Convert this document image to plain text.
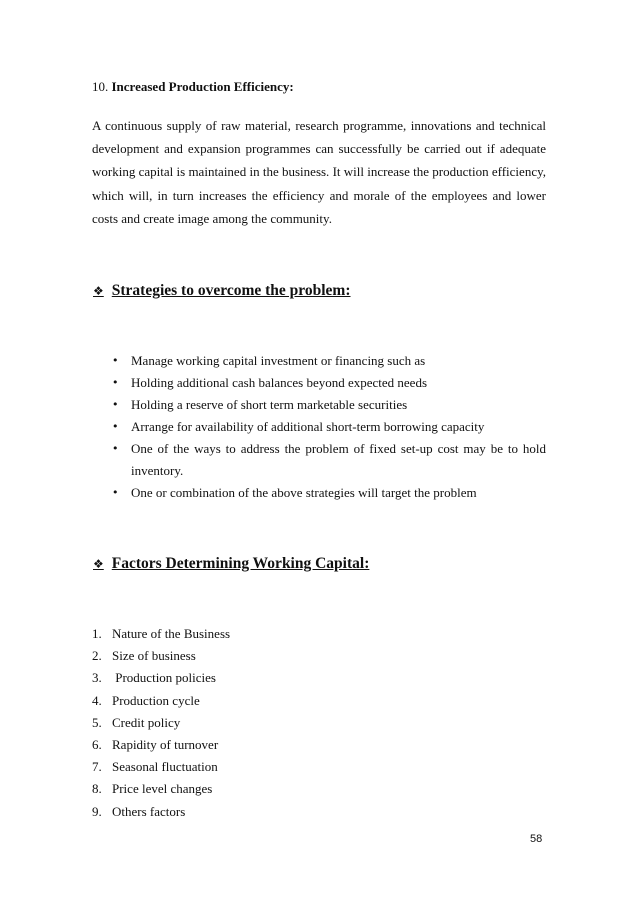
10. Increased Production Efficiency:
A continuous supply of raw material, research programme, innovations and technical development and expansion programmes can successfully be carried out if adequate working capital is maintained in the business. It will increase the production efficiency, which will, in turn increases the efficiency and morale of the employees and lower costs and create image among the community.
❖ Strategies to overcome the problem:
• Manage working capital investment or financing such as
• Holding additional cash balances beyond expected needs
• Holding a reserve of short term marketable securities
• Arrange for availability of additional short-term borrowing capacity
• One of the ways to address the problem of fixed set-up cost may be to hold inventory.
• One or combination of the above strategies will target the problem
❖ Factors Determining Working Capital:
1. Nature of the Business
2. Size of business
3. Production policies
4. Production cycle
5. Credit policy
6. Rapidity of turnover
7. Seasonal fluctuation
8. Price level changes
9. Others factors
58
